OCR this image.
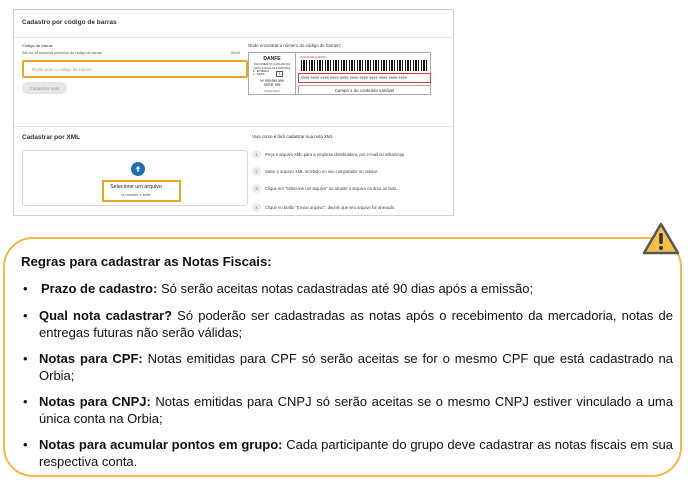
Cadastro por código de barras
Código de barras
São só 44 números primeiros do código de barras	00/44
Digite aqui o código de barras
Cadastrar nota
Onde encontrar o número do código de barras?
DANFE
DOCUMENTO AUXILIAR DA
NOTA FISCAL ELETRÔNICA
0 - ENTRADA
1 - SAÍDA	1
Nº 999.999.999
SÉRIE 999
FOLHA 00/01
CHAVE DE ACESSO
9999 9999 9999 9999 9999 9999 9999 9999 9999 9999 9999
Campo 1 de conteúdo variável
Cadastrar por XML
Selecione um arquivo
ou arraste e solte
Veja como é fácil cadastrar sua nota XML
1 Peça o arquivo XML para a empresa distribuidora, por e-mail ou WhatsApp.
2 Salve o arquivo XML recebido no seu computador ou celular.
3 Clique em "selecione um arquivo" ou arraste o arquivo na área ao lado.
4 Clique no botão "Enviar arquivo", depois que seu arquivo for anexado.
Regras para cadastrar as Notas Fiscais:
• Prazo de cadastro: Só serão aceitas notas cadastradas até 90 dias após a emissão;
• Qual nota cadastrar? Só poderão ser cadastradas as notas após o recebimento da mercadoria, notas de entregas futuras não serão válidas;
• Notas para CPF: Notas emitidas para CPF só serão aceitas se for o mesmo CPF que está cadastrado na Orbia;
• Notas para CNPJ: Notas emitidas para CNPJ só serão aceitas se o mesmo CNPJ estiver vinculado a uma única conta na Orbia;
• Notas para acumular pontos em grupo: Cada participante do grupo deve cadastrar as notas fiscais em sua respectiva conta.
